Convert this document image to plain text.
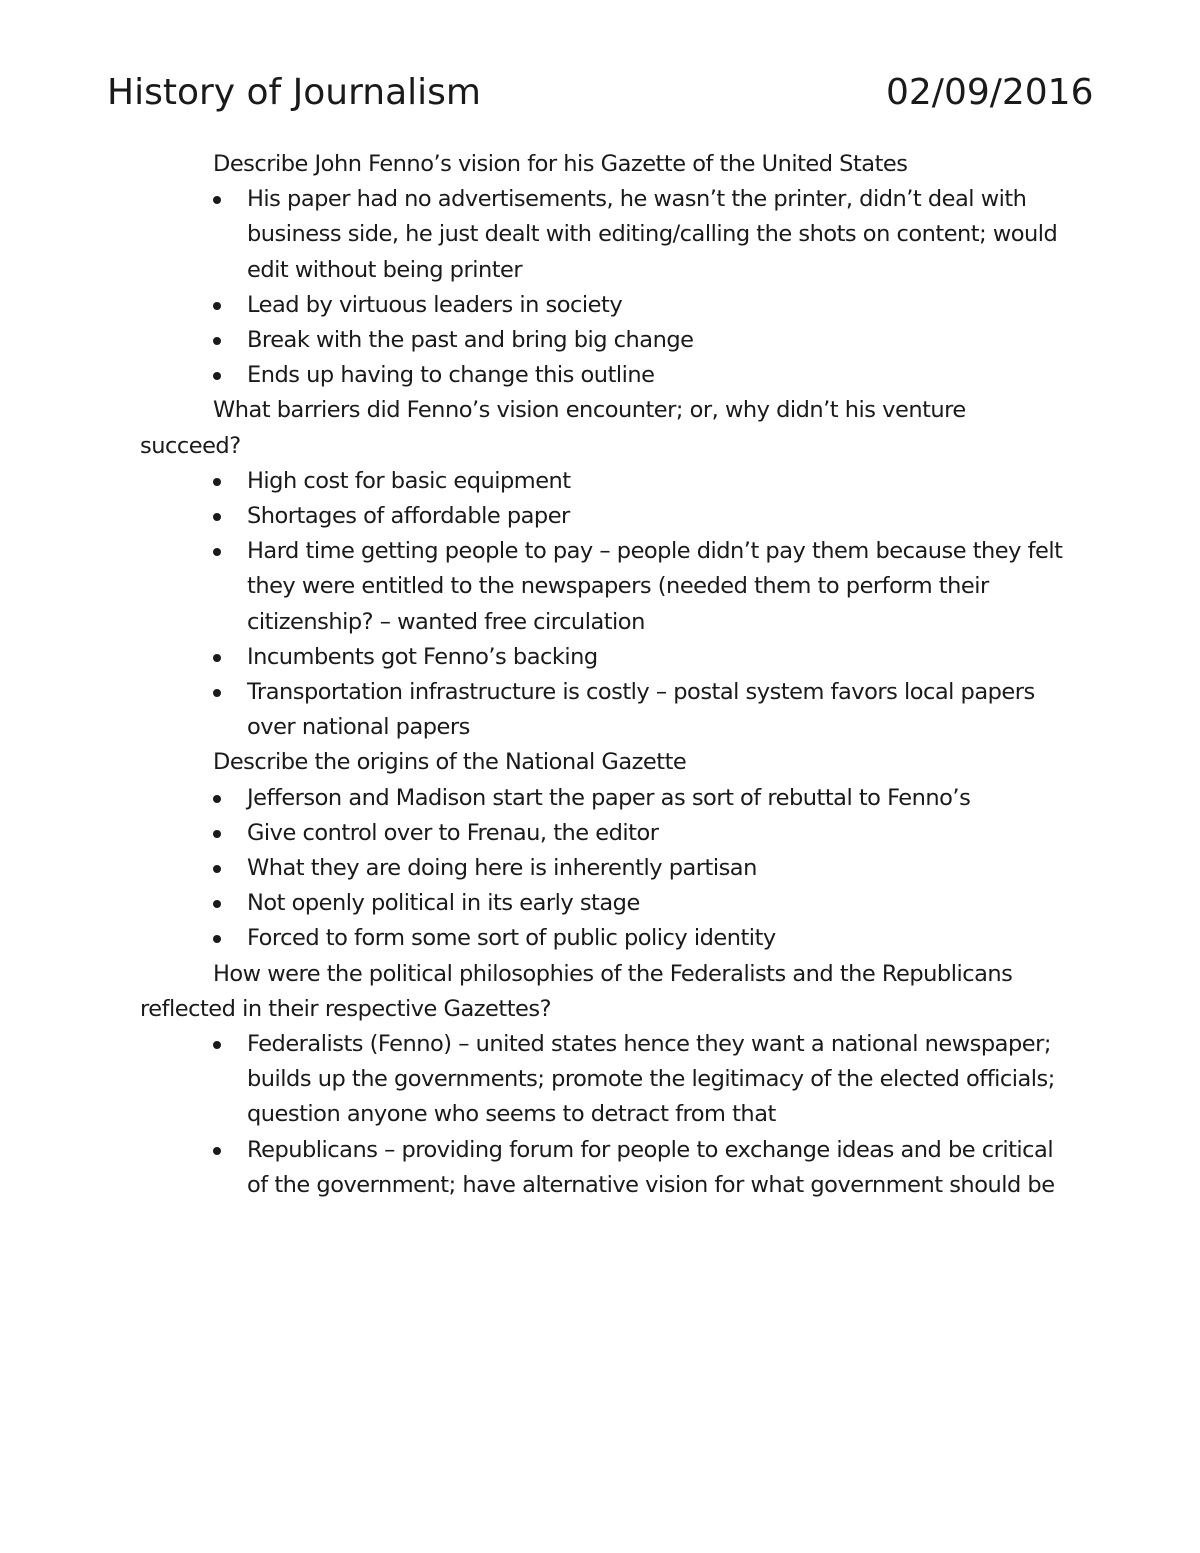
History of Journalism	02/09/2016

Describe John Fenno’s vision for his Gazette of the United States

His paper had no advertisements, he wasn’t the printer, didn’t deal with business side, he just dealt with editing/calling the shots on content; would edit without being printer
Lead by virtuous leaders in society
Break with the past and bring big change
Ends up having to change this outline

What barriers did Fenno’s vision encounter; or, why didn’t his venture succeed?

High cost for basic equipment
Shortages of affordable paper
Hard time getting people to pay – people didn’t pay them because they felt they were entitled to the newspapers (needed them to perform their citizenship? – wanted free circulation
Incumbents got Fenno’s backing
Transportation infrastructure is costly – postal system favors local papers over national papers

Describe the origins of the National Gazette

Jefferson and Madison start the paper as sort of rebuttal to Fenno’s
Give control over to Frenau, the editor
What they are doing here is inherently partisan
Not openly political in its early stage
Forced to form some sort of public policy identity

How were the political philosophies of the Federalists and the Republicans reflected in their respective Gazettes?

Federalists (Fenno) – united states hence they want a national newspaper; builds up the governments; promote the legitimacy of the elected officials; question anyone who seems to detract from that
Republicans – providing forum for people to exchange ideas and be critical of the government; have alternative vision for what government should be
